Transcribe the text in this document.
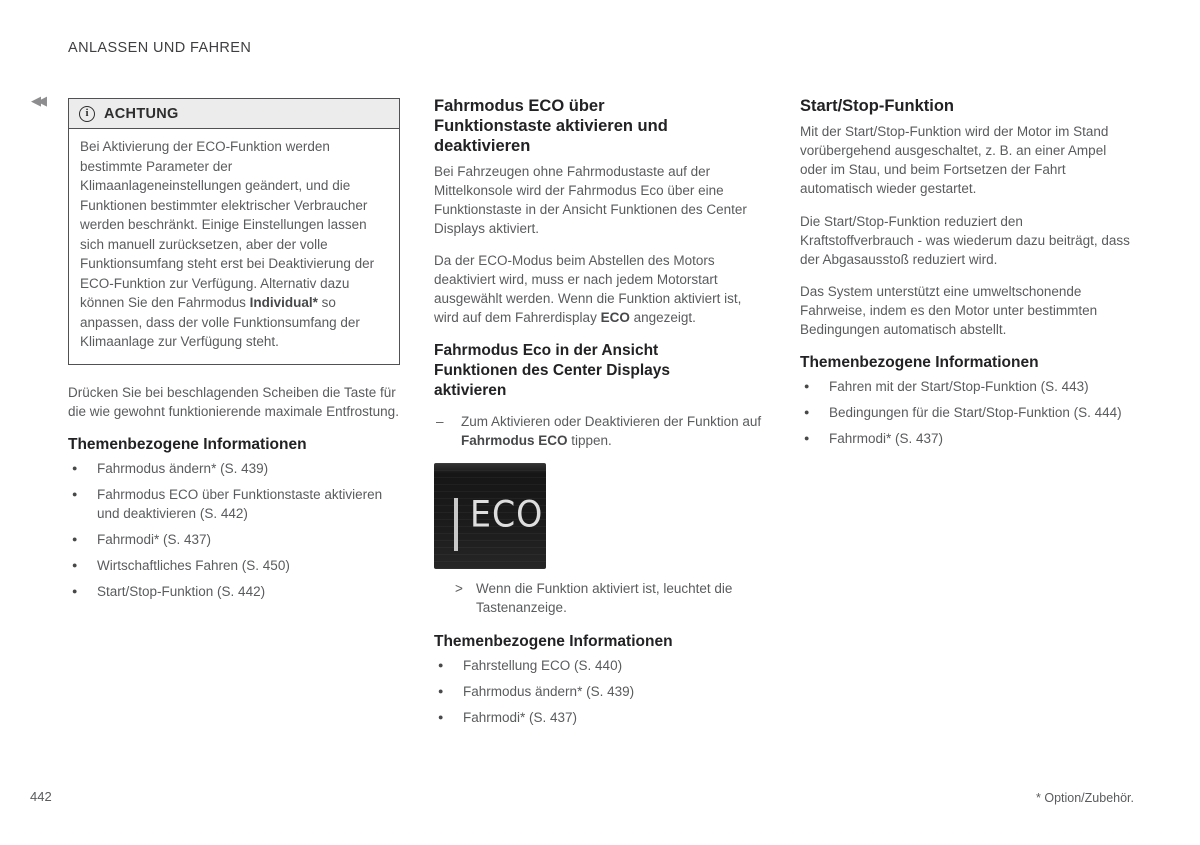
ANLASSEN UND FAHREN
◀◀
i	ACHTUNG
Bei Aktivierung der ECO-Funktion werden bestimmte Parameter der Klimaanlageneinstellungen geändert, und die Funktionen bestimmter elektrischer Verbraucher werden beschränkt. Einige Einstellungen lassen sich manuell zurücksetzen, aber der volle Funktionsumfang steht erst bei Deaktivierung der ECO-Funktion zur Verfügung. Alternativ dazu können Sie den Fahrmodus Individual* so anpassen, dass der volle Funktionsumfang der Klimaanlage zur Verfügung steht.

Drücken Sie bei beschlagenden Scheiben die Taste für die wie gewohnt funktionierende maximale Entfrostung.

Themenbezogene Informationen
●	Fahrmodus ändern* (S. 439)
●	Fahrmodus ECO über Funktionstaste aktivieren und deaktivieren (S. 442)
●	Fahrmodi* (S. 437)
●	Wirtschaftliches Fahren (S. 450)
●	Start/Stop-Funktion (S. 442)
Fahrmodus ECO über Funktionstaste aktivieren und deaktivieren

Bei Fahrzeugen ohne Fahrmodustaste auf der Mittelkonsole wird der Fahrmodus Eco über eine Funktionstaste in der Ansicht Funktionen des Center Displays aktiviert.

Da der ECO-Modus beim Abstellen des Motors deaktiviert wird, muss er nach jedem Motorstart ausgewählt werden. Wenn die Funktion aktiviert ist, wird auf dem Fahrerdisplay ECO angezeigt.

Fahrmodus Eco in der Ansicht Funktionen des Center Displays aktivieren
–	Zum Aktivieren oder Deaktivieren der Funktion auf Fahrmodus ECO tippen.
ECO
> Wenn die Funktion aktiviert ist, leuchtet die Tastenanzeige.
Themenbezogene Informationen
●	Fahrstellung ECO (S. 440)
●	Fahrmodus ändern* (S. 439)
●	Fahrmodi* (S. 437)
Start/Stop-Funktion

Mit der Start/Stop-Funktion wird der Motor im Stand vorübergehend ausgeschaltet, z. B. an einer Ampel oder im Stau, und beim Fortsetzen der Fahrt automatisch wieder gestartet.

Die Start/Stop-Funktion reduziert den Kraftstoffverbrauch - was wiederum dazu beiträgt, dass der Abgasausstoß reduziert wird.

Das System unterstützt eine umweltschonende Fahrweise, indem es den Motor unter bestimmten Bedingungen automatisch abstellt.

Themenbezogene Informationen
●	Fahren mit der Start/Stop-Funktion (S. 443)
●	Bedingungen für die Start/Stop-Funktion (S. 444)
●	Fahrmodi* (S. 437)
442	* Option/Zubehör.
